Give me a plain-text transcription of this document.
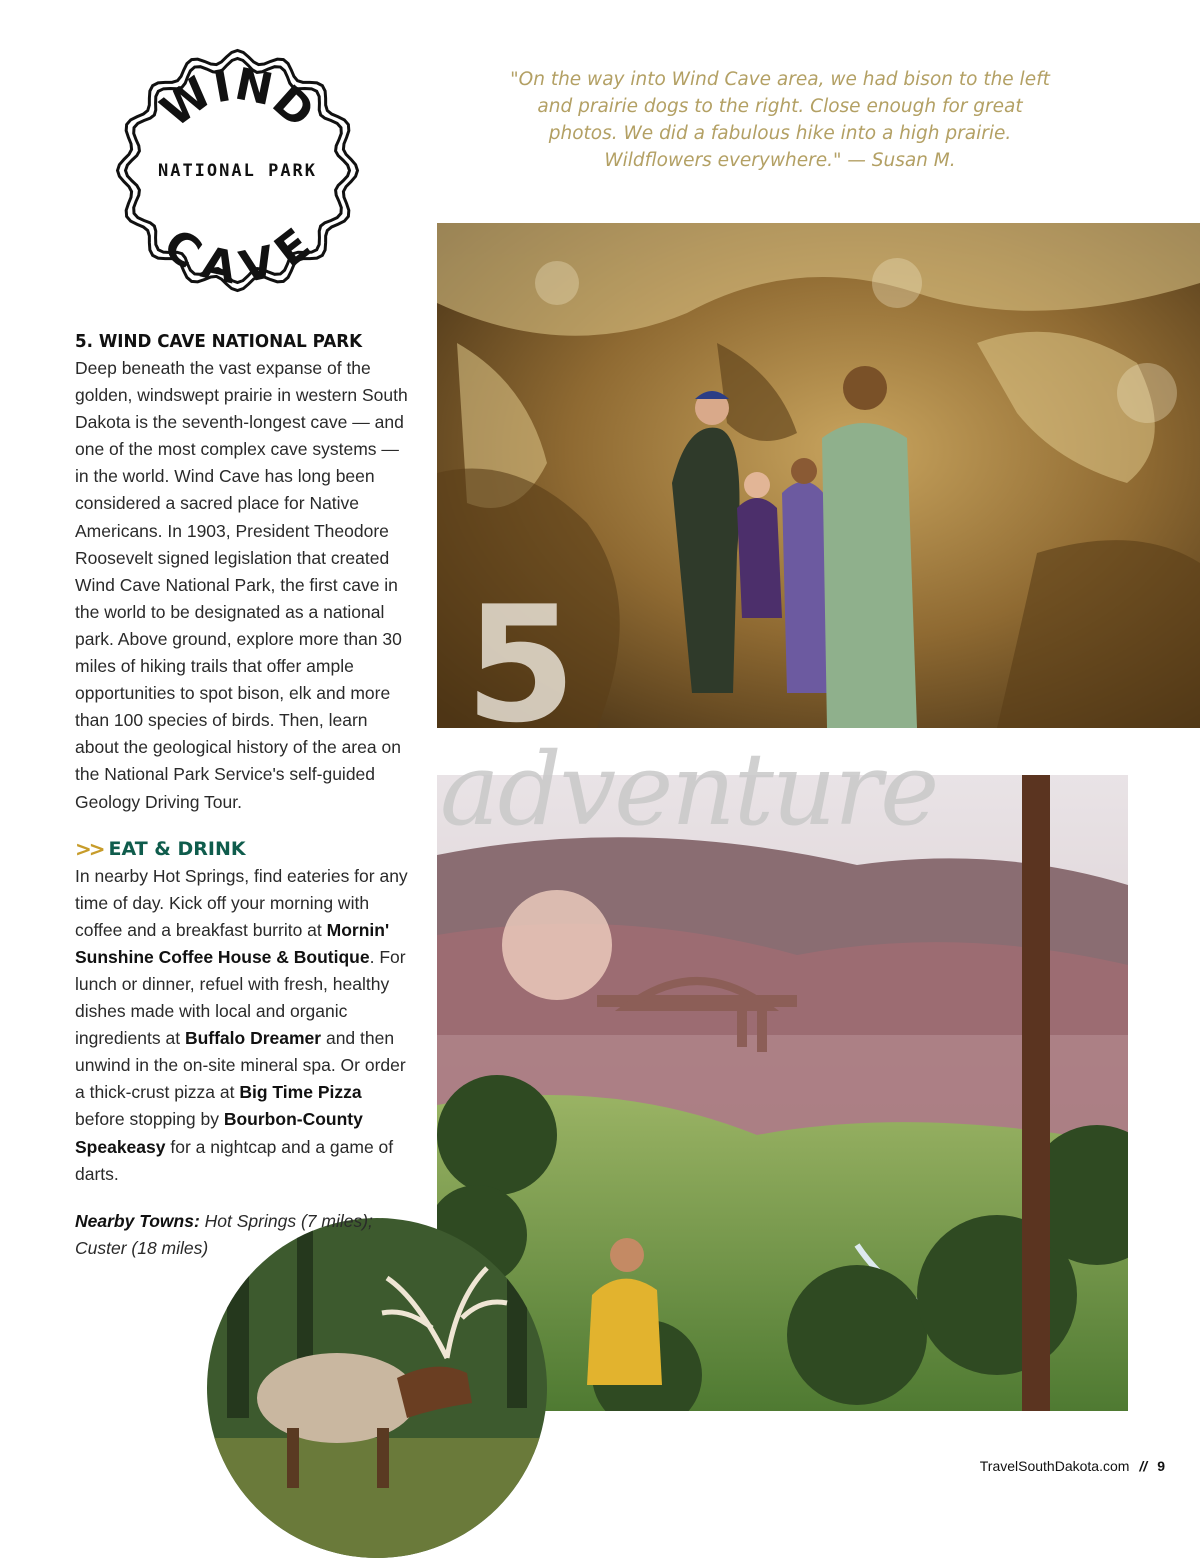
WIND
NATIONAL PARK
CAVE
"On the way into Wind Cave area, we had bison to the left and prairie dogs to the right. Close enough for great photos. We did a fabulous hike into a high prairie. Wildflowers everywhere." — Susan M.
5
adventure
5. WIND CAVE NATIONAL PARK

Deep beneath the vast expanse of the golden, windswept prairie in western South Dakota is the seventh-longest cave — and one of the most complex cave systems — in the world. Wind Cave has long been considered a sacred place for Native Americans. In 1903, President Theodore Roosevelt signed legislation that created Wind Cave National Park, the first cave in the world to be designated as a national park. Above ground, explore more than 30 miles of hiking trails that offer ample opportunities to spot bison, elk and more than 100 species of birds. Then, learn about the geological history of the area on the National Park Service's self-guided Geology Driving Tour.

>> EAT & DRINK

In nearby Hot Springs, find eateries for any time of day. Kick off your morning with coffee and a breakfast burrito at Mornin' Sunshine Coffee House & Boutique. For lunch or dinner, refuel with fresh, healthy dishes made with local and organic ingredients at Buffalo Dreamer and then unwind in the on-site mineral spa. Or order a thick-crust pizza at Big Time Pizza before stopping by Bourbon-County Speakeasy for a nightcap and a game of darts.

Nearby Towns: Hot Springs (7 miles); Custer (18 miles)
TravelSouthDakota.com // 9
